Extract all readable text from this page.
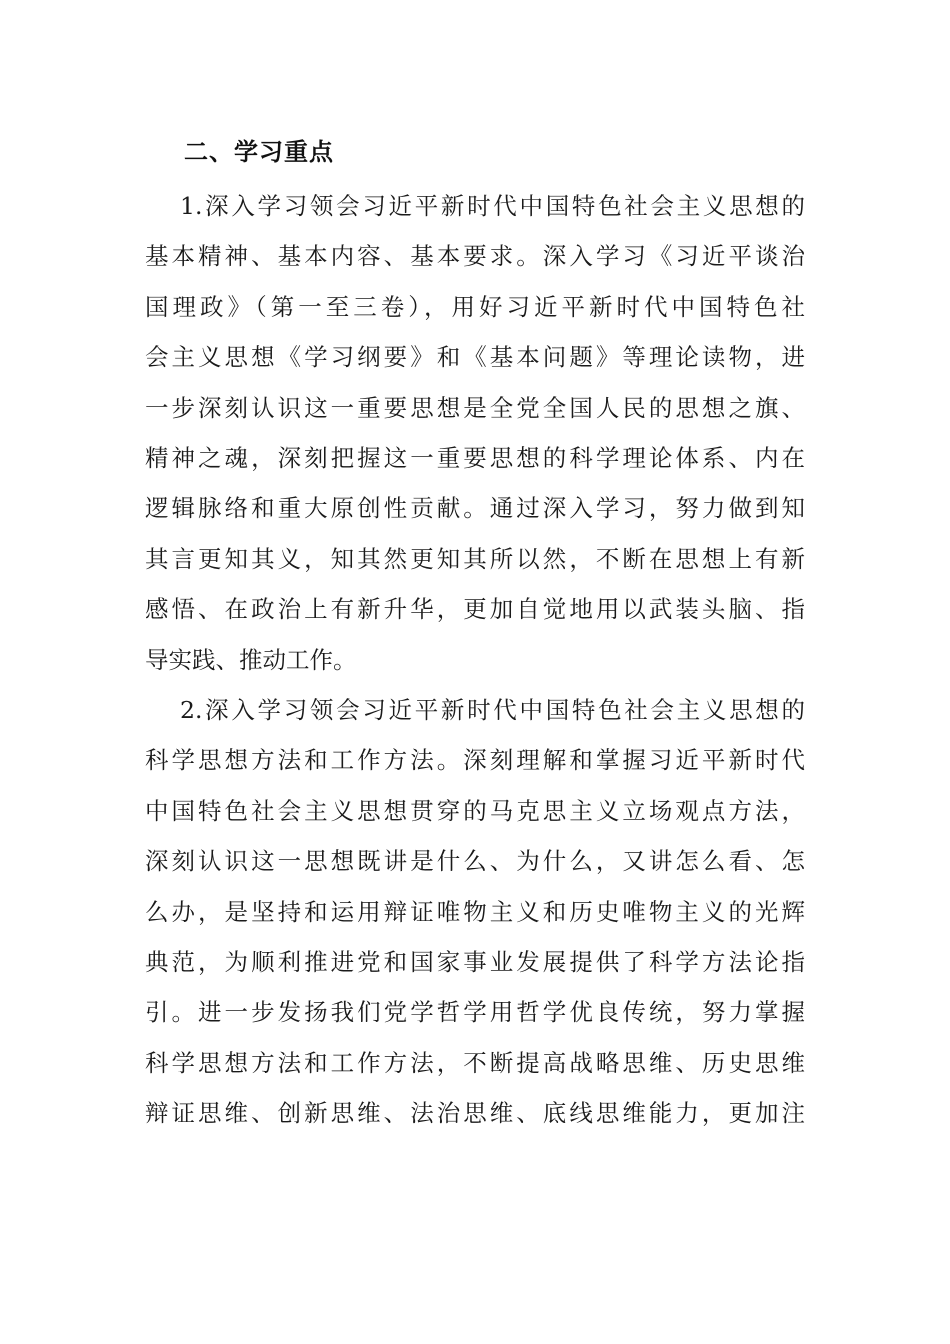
二、学习重点
1.深入学习领会习近平新时代中国特色社会主义思想的
基本精神、基本内容、基本要求。深入学习《习近平谈治
国理政》（第一至三卷），用好习近平新时代中国特色社
会主义思想《学习纲要》和《基本问题》等理论读物，进
一步深刻认识这一重要思想是全党全国人民的思想之旗、
精神之魂，深刻把握这一重要思想的科学理论体系、内在
逻辑脉络和重大原创性贡献。通过深入学习，努力做到知
其言更知其义，知其然更知其所以然，不断在思想上有新
感悟、在政治上有新升华，更加自觉地用以武装头脑、指
导实践、推动工作。
2.深入学习领会习近平新时代中国特色社会主义思想的
科学思想方法和工作方法。深刻理解和掌握习近平新时代
中国特色社会主义思想贯穿的马克思主义立场观点方法，
深刻认识这一思想既讲是什么、为什么，又讲怎么看、怎
么办，是坚持和运用辩证唯物主义和历史唯物主义的光辉
典范，为顺利推进党和国家事业发展提供了科学方法论指
引。进一步发扬我们党学哲学用哲学优良传统，努力掌握
科学思想方法和工作方法，不断提高战略思维、历史思维
辩证思维、创新思维、法治思维、底线思维能力，更加注
